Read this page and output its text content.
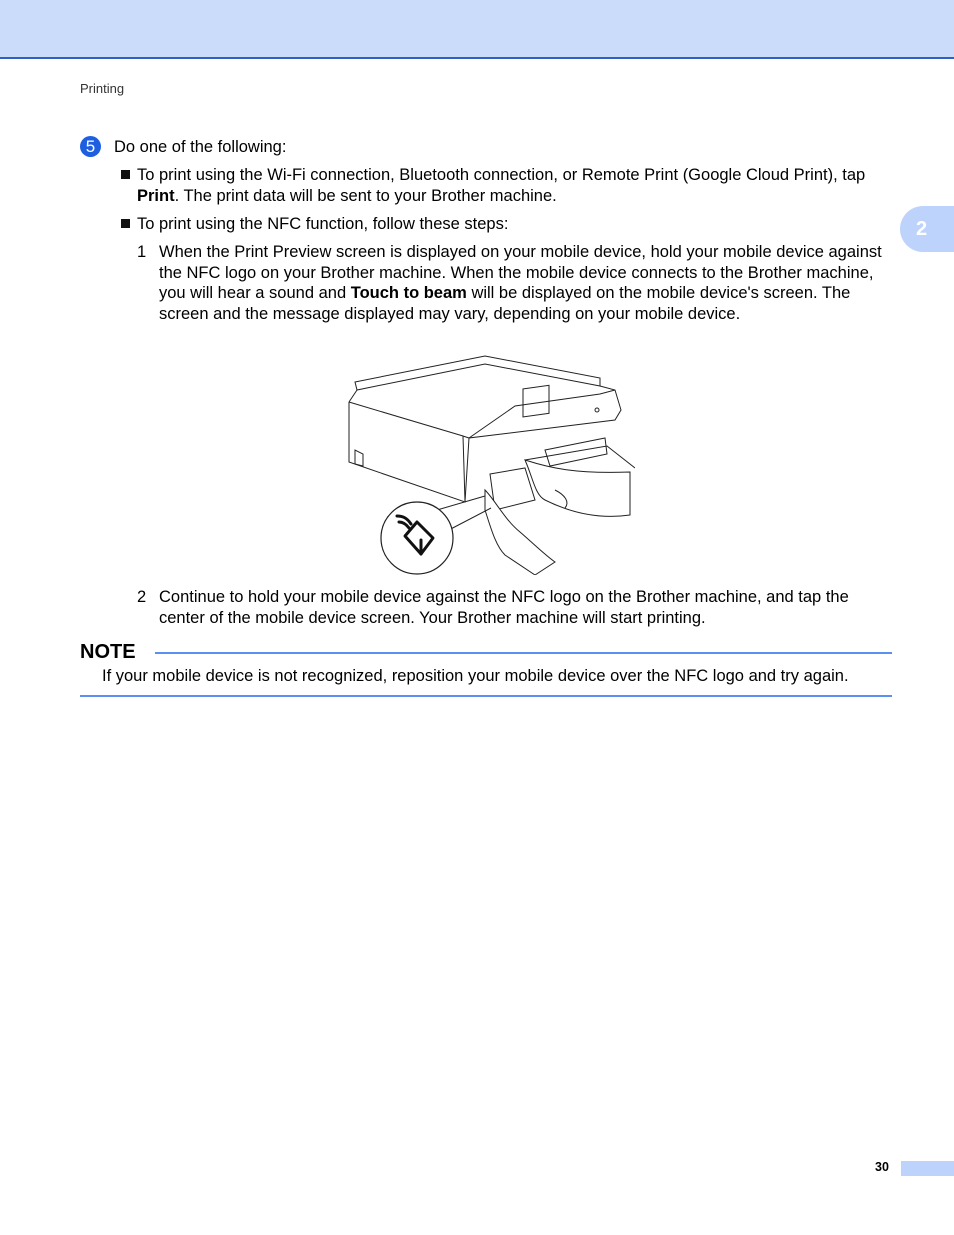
Printing
2
5	Do one of the following:
To print using the Wi-Fi connection, Bluetooth connection, or Remote Print (Google Cloud Print), tap
Print. The print data will be sent to your Brother machine.
To print using the NFC function, follow these steps:
1 When the Print Preview screen is displayed on your mobile device, hold your mobile device against
the NFC logo on your Brother machine. When the mobile device connects to the Brother machine,
you will hear a sound and Touch to beam will be displayed on the mobile device's screen. The
screen and the message displayed may vary, depending on your mobile device.
2 Continue to hold your mobile device against the NFC logo on the Brother machine, and tap the
center of the mobile device screen. Your Brother machine will start printing.
NOTE
If your mobile device is not recognized, reposition your mobile device over the NFC logo and try again.
30
